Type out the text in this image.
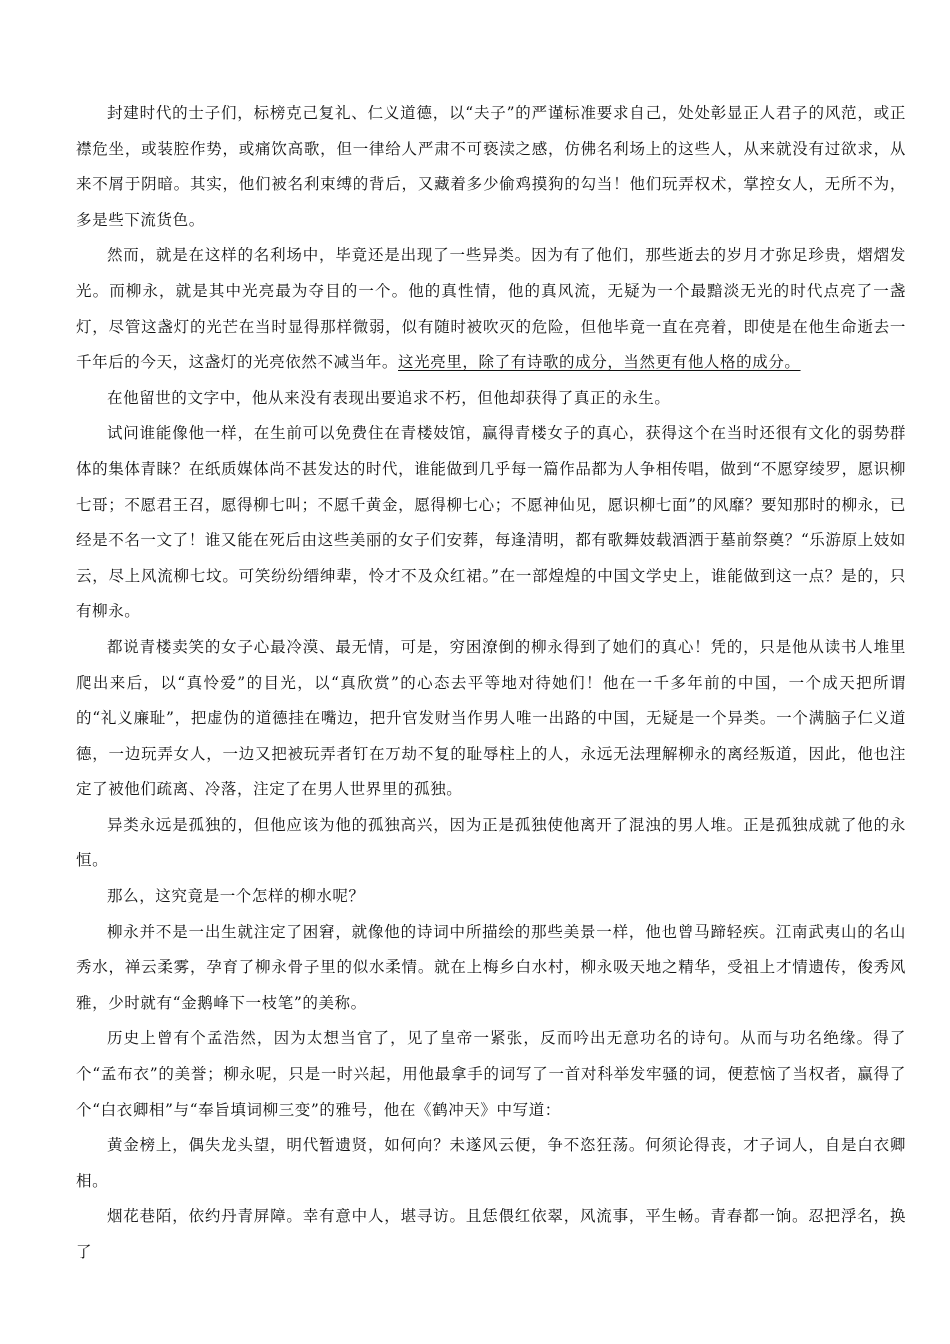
封建时代的士子们，标榜克己复礼、仁义道德，以“夫子”的严谨标准要求自己，处处彰显正人君子的风范，或正襟危坐，或装腔作势，或痛饮高歌，但一律给人严肃不可亵渎之感，仿佛名利场上的这些人，从来就没有过欲求，从来不屑于阴暗。其实，他们被名利束缚的背后，又藏着多少偷鸡摸狗的勾当！他们玩弄权术，掌控女人，无所不为，多是些下流货色。

然而，就是在这样的名利场中，毕竟还是出现了一些异类。因为有了他们，那些逝去的岁月才弥足珍贵，熠熠发光。而柳永，就是其中光亮最为夺目的一个。他的真性情，他的真风流，无疑为一个最黯淡无光的时代点亮了一盏灯，尽管这盏灯的光芒在当时显得那样微弱，似有随时被吹灭的危险，但他毕竟一直在亮着，即使是在他生命逝去一千年后的今天，这盏灯的光亮依然不减当年。这光亮里，除了有诗歌的成分，当然更有他人格的成分。

在他留世的文字中，他从来没有表现出要追求不朽，但他却获得了真正的永生。

试问谁能像他一样，在生前可以免费住在青楼妓馆，赢得青楼女子的真心，获得这个在当时还很有文化的弱势群体的集体青睐？在纸质媒体尚不甚发达的时代，谁能做到几乎每一篇作品都为人争相传唱，做到“不愿穿绫罗，愿识柳七哥；不愿君王召，愿得柳七叫；不愿千黄金，愿得柳七心；不愿神仙见，愿识柳七面”的风靡？要知那时的柳永，已经是不名一文了！谁又能在死后由这些美丽的女子们安葬，每逢清明，都有歌舞妓载酒洒于墓前祭奠？“乐游原上妓如云，尽上风流柳七坟。可笑纷纷缙绅辈，怜才不及众红裙。”在一部煌煌的中国文学史上，谁能做到这一点？是的，只有柳永。

都说青楼卖笑的女子心最冷漠、最无情，可是，穷困潦倒的柳永得到了她们的真心！凭的，只是他从读书人堆里爬出来后，以“真怜爱”的目光，以“真欣赏”的心态去平等地对待她们！他在一千多年前的中国，一个成天把所谓的“礼义廉耻”，把虚伪的道德挂在嘴边，把升官发财当作男人唯一出路的中国，无疑是一个异类。一个满脑子仁义道德，一边玩弄女人，一边又把被玩弄者钉在万劫不复的耻辱柱上的人，永远无法理解柳永的离经叛道，因此，他也注定了被他们疏离、冷落，注定了在男人世界里的孤独。

异类永远是孤独的，但他应该为他的孤独高兴，因为正是孤独使他离开了混浊的男人堆。正是孤独成就了他的永恒。

那么，这究竟是一个怎样的柳水呢？

柳永并不是一出生就注定了困窘，就像他的诗词中所描绘的那些美景一样，他也曾马蹄轻疾。江南武夷山的名山秀水，禅云柔雾，孕育了柳永骨子里的似水柔情。就在上梅乡白水村，柳永吸天地之精华，受祖上才情遗传，俊秀风雅，少时就有“金鹅峰下一枝笔”的美称。

历史上曾有个孟浩然，因为太想当官了，见了皇帝一紧张，反而吟出无意功名的诗句。从而与功名绝缘。得了个“孟布衣”的美誉；柳永呢，只是一时兴起，用他最拿手的词写了一首对科举发牢骚的词，便惹恼了当权者，赢得了个“白衣卿相”与“奉旨填词柳三变”的雅号，他在《鹤冲天》中写道：

黄金榜上，偶失龙头望，明代暂遗贤，如何向？未遂风云便，争不恣狂荡。何须论得丧，才子词人，自是白衣卿相。

烟花巷陌，依约丹青屏障。幸有意中人，堪寻访。且恁偎红依翠，风流事，平生畅。青春都一饷。忍把浮名，换了
